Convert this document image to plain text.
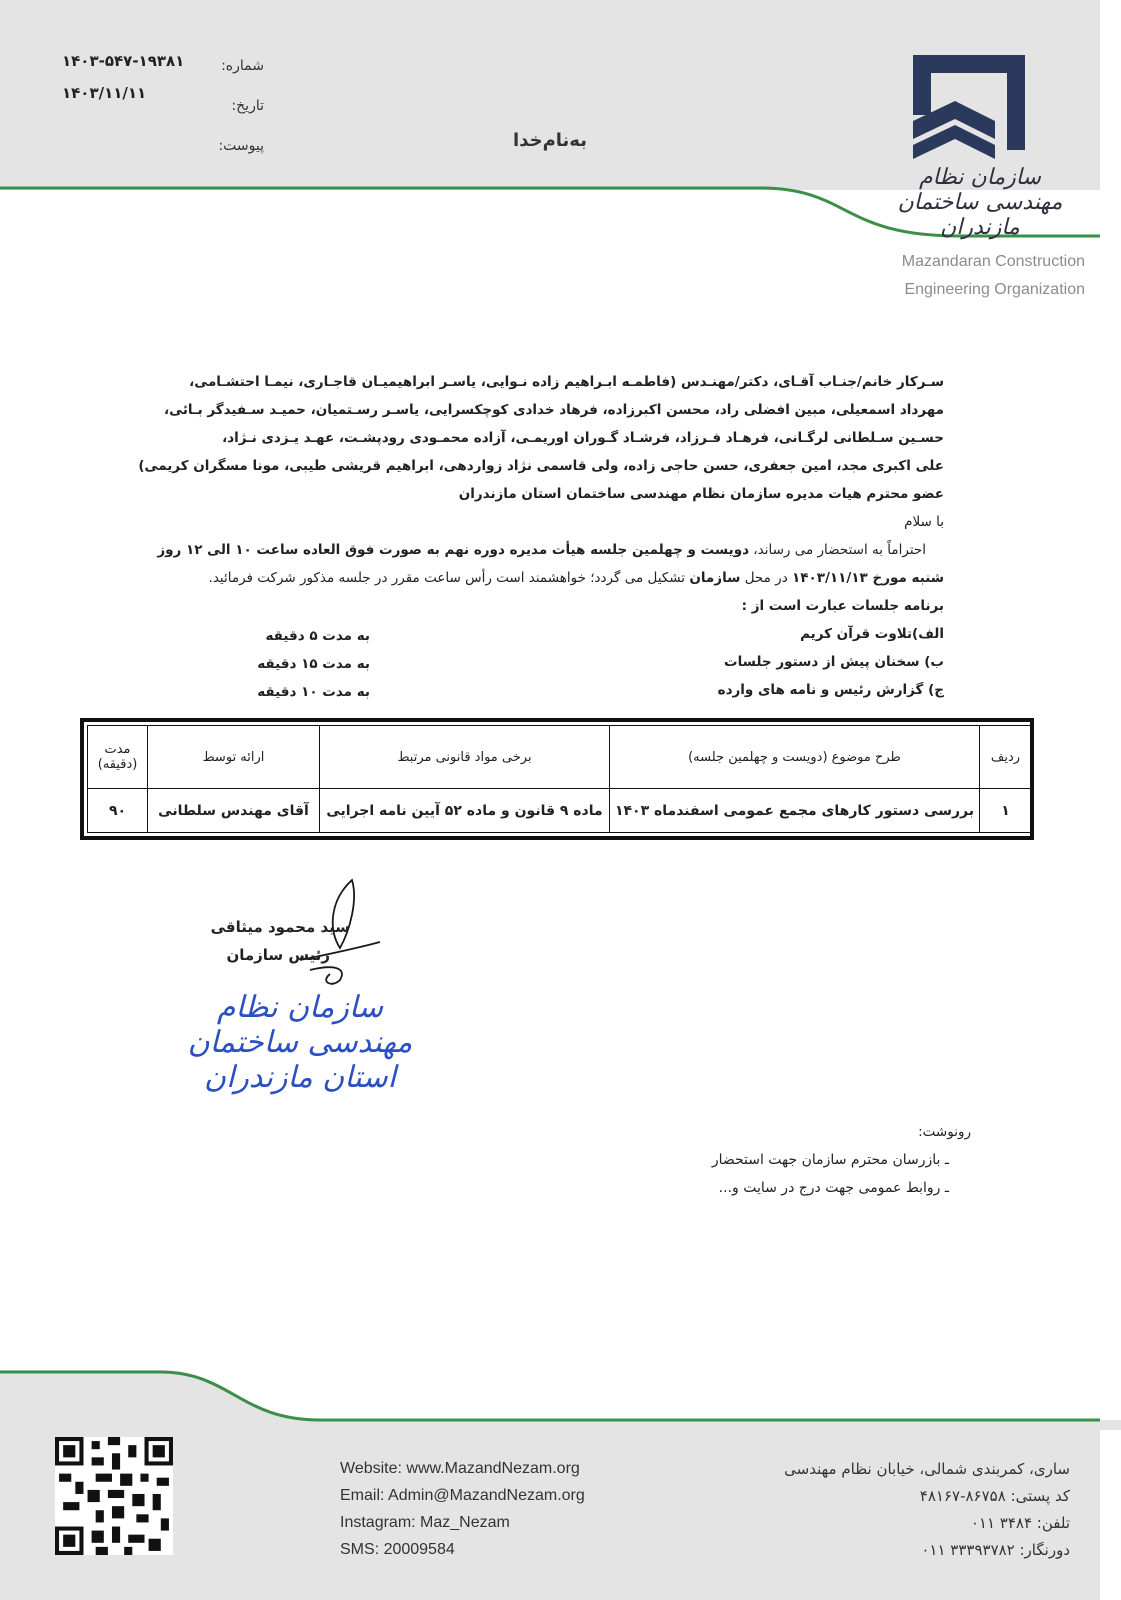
سازمان نظام مهندسی ساختمان مازندران
Mazandaran Construction
Engineering Organization
شماره:
۱۴۰۳-۵۴۷-۱۹۳۸۱
تاریخ:
۱۴۰۳/۱۱/۱۱
پیوست:	به‌نام‌خدا
سـرکار خانم/جنـاب آقـای، دکتر/مهنـدس (فاطمـه ابـراهیم زاده نـوایی، یاسـر ابراهیمیـان قاجـاری، نیمـا احتشـامی،
مهرداد اسمعیلی، مبین افضلی راد، محسن اکبرزاده، فرهاد خدادی کوچکسرایی، یاسـر رسـتمیان، حمیـد سـفیدگر بـائی،
حسـین سـلطانی لرگـانی، فرهـاد فـرزاد، فرشـاد گـوران اوریمـی، آزاده محمـودی رودپشـت، عهـد یـزدی نـژاد،
علی اکبری مجد، امین جعفری، حسن حاجی زاده، ولی قاسمی نژاد زواردهی، ابراهیم قریشی طیبی، مونا مسگران کریمی)
عضو محترم هیات مدیره سازمان نظام مهندسی ساختمان استان مازندران
با سلام
احتراماً به استحضار می رساند، دویست و چهلمین جلسه هیأت مدیره دوره نهم به صورت فوق العاده ساعت ۱۰ الی ۱۲ روز
شنبه مورخ ۱۴۰۳/۱۱/۱۳ در محل سازمان تشکیل می گردد؛ خواهشمند است رأس ساعت مقرر در جلسه مذکور شرکت فرمائید.
برنامه جلسات عبارت است از :
الف)تلاوت قرآن کریم
به مدت ۵ دقیقه
ب) سخنان پیش از دستور جلسات
به مدت ۱۵ دقیقه
ج) گزارش رئیس و نامه های وارده
به مدت ۱۰ دقیقه
ردیف	طرح موضوع (دویست و چهلمین جلسه)	برخی مواد قانونی مرتبط	ارائه توسط	مدت
(دقیقه)

۱	بررسی دستور کارهای مجمع عمومی اسفندماه ۱۴۰۳	ماده ۹ قانون و ماده ۵۲ آیین نامه اجرایی	آقای مهندس سلطانی	۹۰
سید محمود میثاقی
رئیس سازمان
سازمان نظام مهندسی ساختمان استان مازندران
رونوشت:
ـ بازرسان محترم سازمان جهت استحضار
ـ روابط عمومی جهت درج در سایت و...
Website: www.MazandNezam.org
Email: Admin@MazandNezam.org
Instagram: Maz_Nezam
SMS: 20009584
ساری، کمربندی شمالی، خیابان نظام مهندسی
کد پستی: ۸۶۷۵۸-۴۸۱۶۷
تلفن: ۳۴۸۴ ۰۱۱
دورنگار: ۳۳۳۹۳۷۸۲ ۰۱۱
